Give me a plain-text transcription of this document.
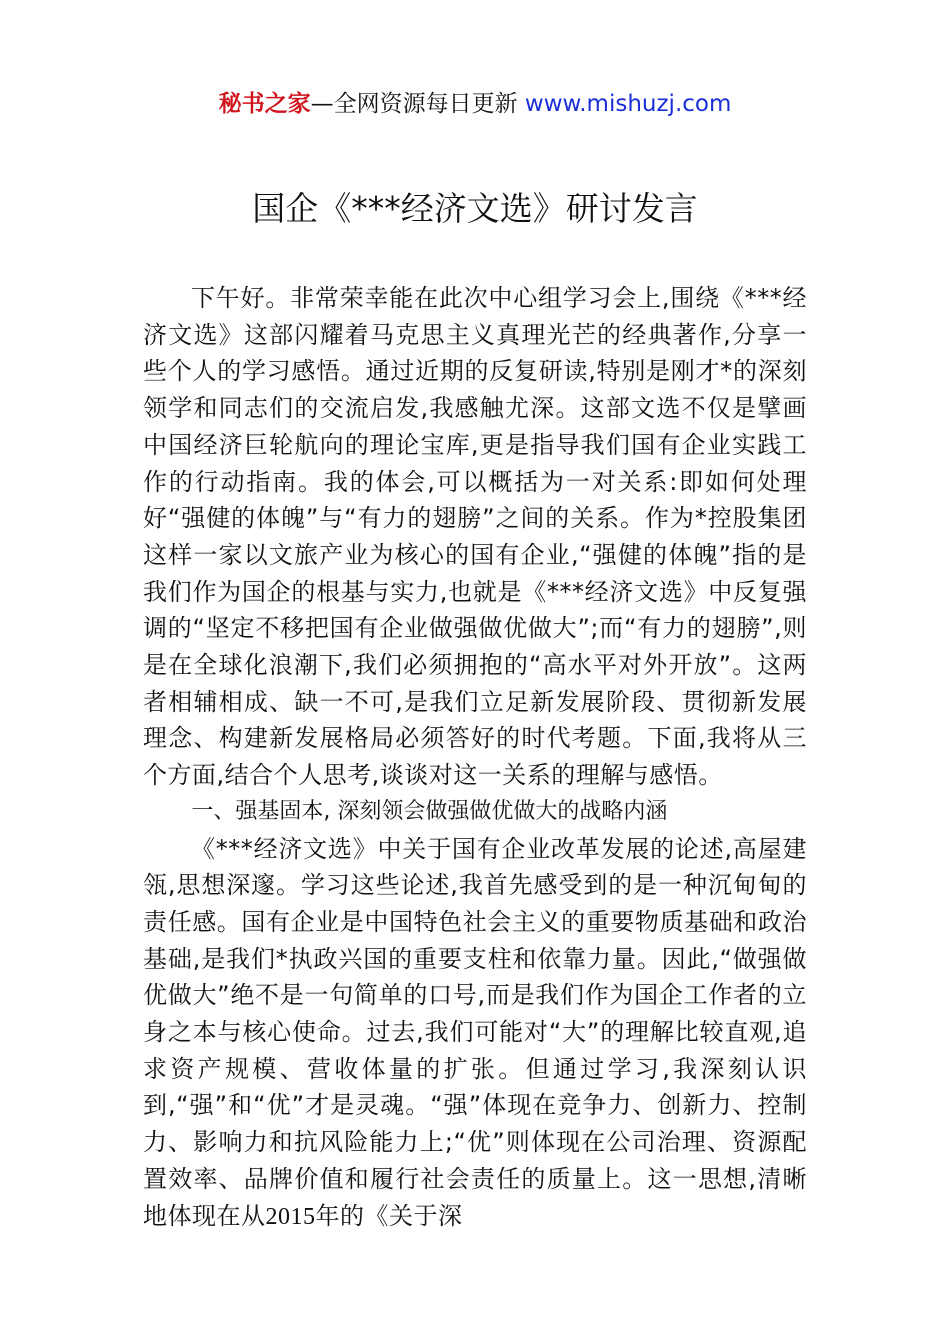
秘书之家—全网资源每日更新 www.mishuzj.com
国企《***经济文选》研讨发言

下午好。非常荣幸能在此次中心组学习会上,围绕《***经济文选》这部闪耀着马克思主义真理光芒的经典著作,分享一些个人的学习感悟。通过近期的反复研读,特别是刚才*的深刻领学和同志们的交流启发,我感触尤深。这部文选不仅是擘画中国经济巨轮航向的理论宝库,更是指导我们国有企业实践工作的行动指南。我的体会,可以概括为一对关系:即如何处理好“强健的体魄”与“有力的翅膀”之间的关系。作为*控股集团这样一家以文旅产业为核心的国有企业,“强健的体魄”指的是我们作为国企的根基与实力,也就是《***经济文选》中反复强调的“坚定不移把国有企业做强做优做大”;而“有力的翅膀”,则是在全球化浪潮下,我们必须拥抱的“高水平对外开放”。这两者相辅相成、缺一不可,是我们立足新发展阶段、贯彻新发展理念、构建新发展格局必须答好的时代考题。下面,我将从三个方面,结合个人思考,谈谈对这一关系的理解与感悟。

一、强基固本, 深刻领会做强做优做大的战略内涵

《***经济文选》中关于国有企业改革发展的论述,高屋建瓴,思想深邃。学习这些论述,我首先感受到的是一种沉甸甸的责任感。国有企业是中国特色社会主义的重要物质基础和政治基础,是我们*执政兴国的重要支柱和依靠力量。因此,“做强做优做大”绝不是一句简单的口号,而是我们作为国企工作者的立身之本与核心使命。过去,我们可能对“大”的理解比较直观,追求资产规模、营收体量的扩张。但通过学习,我深刻认识到,“强”和“优”才是灵魂。“强”体现在竞争力、创新力、控制力、影响力和抗风险能力上;“优”则体现在公司治理、资源配置效率、品牌价值和履行社会责任的质量上。这一思想,清晰地体现在从2015年的《关于深
